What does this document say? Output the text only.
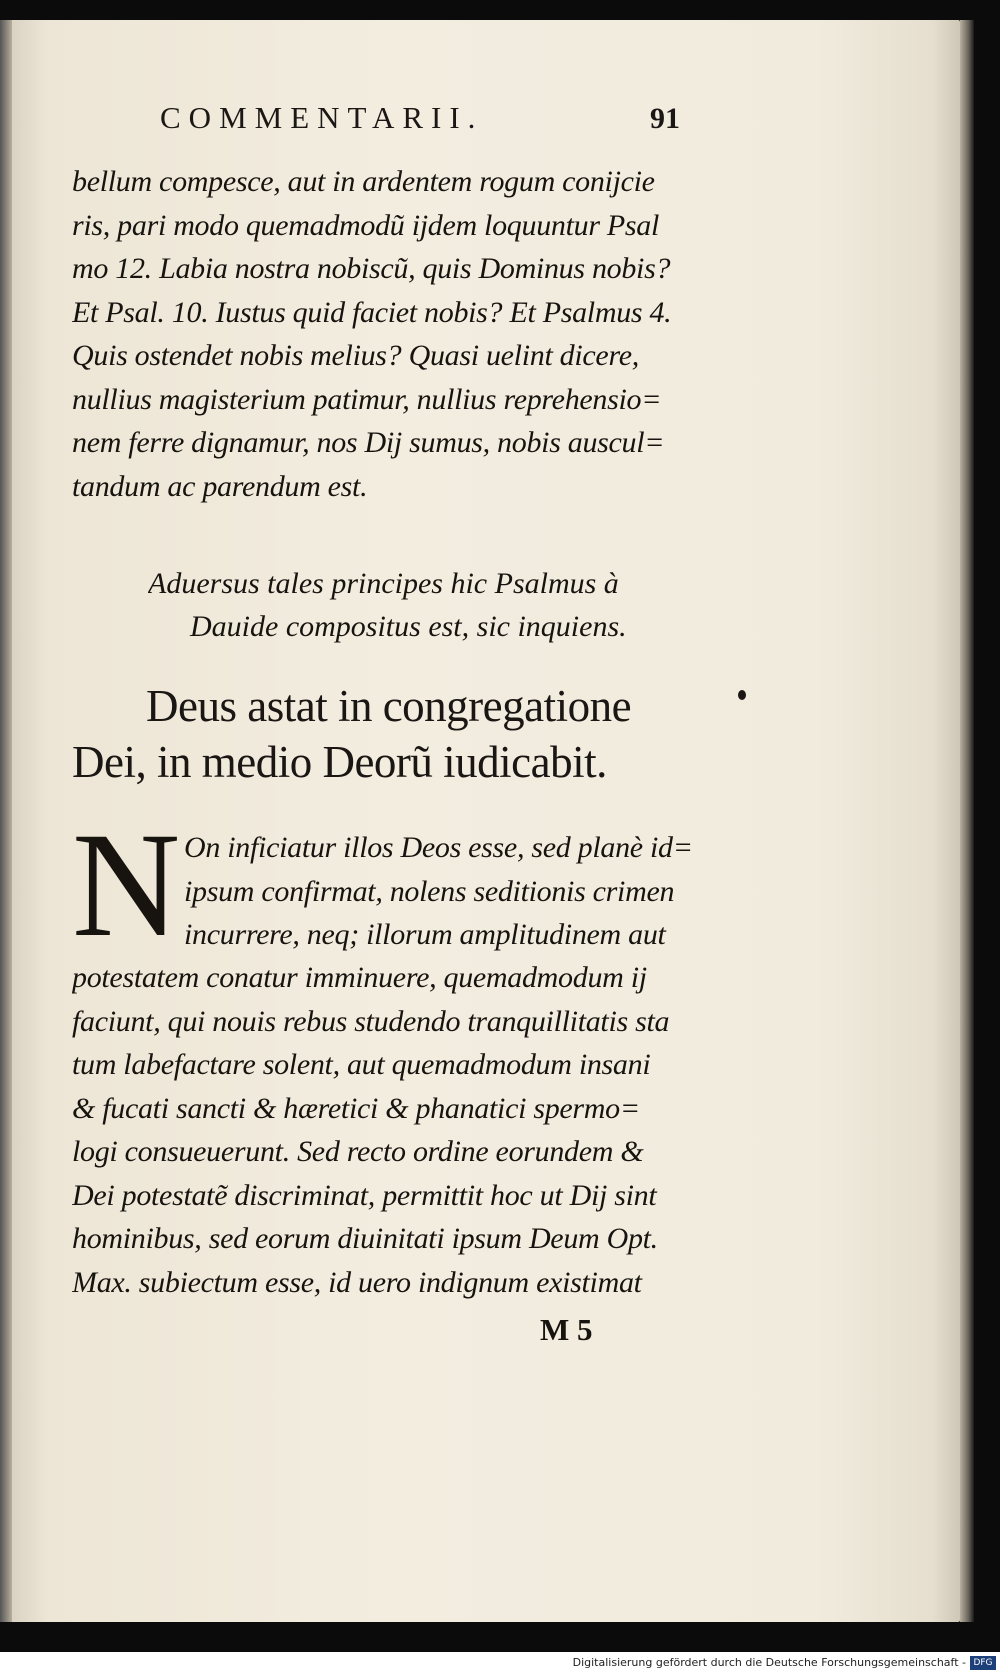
COMMENTARII.	91
bellum compesce, aut in ardentem rogum conijcie
ris, pari modo quemadmodũ ijdem loquuntur Psal
mo 12. Labia nostra nobiscũ, quis Dominus nobis?
Et Psal. 10. Iustus quid faciet nobis? Et Psalmus 4.
Quis ostendet nobis melius? Quasi uelint dicere,
nullius magisterium patimur, nullius reprehensio=
nem ferre dignamur, nos Dij sumus, nobis auscul=
tandum ac parendum est.
Aduersus tales principes hic Psalmus à
Dauide compositus est, sic inquiens.
Deus astat in congregatione
Dei, in medio Deorũ iudicabit.
N On inficiatur illos Deos esse, sed planè id=
ipsum confirmat, nolens seditionis crimen
incurrere, neq; illorum amplitudinem aut
potestatem conatur imminuere, quemadmodum ij
faciunt, qui nouis rebus studendo tranquillitatis sta
tum labefactare solent, aut quemadmodum insani
& fucati sancti & hæretici & phanatici spermo=
logi consueuerunt. Sed recto ordine eorundem &
Dei potestatẽ discriminat, permittit hoc ut Dij sint
hominibus, sed eorum diuinitati ipsum Deum Opt.
Max. subiectum esse, id uero indignum existimat
M 5
Digitalisierung gefördert durch die Deutsche Forschungsgemeinschaft - DFG
